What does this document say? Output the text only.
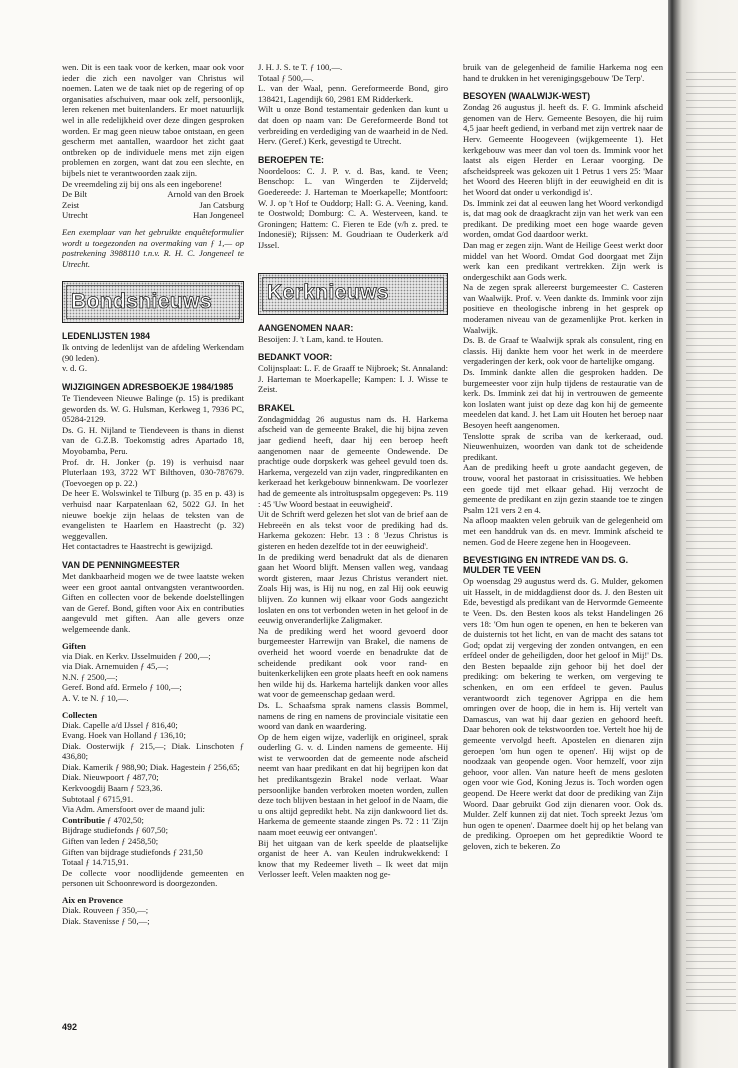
wen. Dit is een taak voor de kerken, maar ook voor ieder die zich een navolger van Christus wil noemen. Laten we de taak niet op de regering of op organisaties afschuiven, maar ook zelf, persoonlijk, leren rekenen met buitenlanders. Er moet natuurlijk wel in alle redelijkheid over deze dingen gesproken worden. Er mag geen nieuw taboe ontstaan, en geen gescherm met aantallen, waardoor het zicht gaat ontbreken op de individuele mens met zijn eigen problemen en zorgen, want dat zou een slechte, en bijbels niet te verantwoorden zaak zijn.

De vreemdeling zij bij ons als een ingeborene!

De Bilt	Arnold van den Broek
Zeist	Jan Catsburg
Utrecht	Han Jongeneel

Een exemplaar van het gebruikte enquêteformulier wordt u toegezonden na overmaking van ƒ 1,— op postrekening 3988110 t.n.v. R. H. C. Jongeneel te Utrecht.

Bondsnieuws
LEDENLIJSTEN 1984

Ik ontving de ledenlijst van de afdeling Werkendam (90 leden).

v. d. G.

WIJZIGINGEN ADRESBOEKJE 1984/1985

Te Tiendeveen Nieuwe Balinge (p. 15) is predikant geworden ds. W. G. Hulsman, Kerkweg 1, 7936 PC, 05284-2129.

Ds. G. H. Nijland te Tiendeveen is thans in dienst van de G.Z.B. Toekomstig adres Apartado 18, Moyobamba, Peru.

Prof. dr. H. Jonker (p. 19) is verhuisd naar Pluterlaan 193, 3722 WT Bilthoven, 030-787679. (Toevoegen op p. 22.)

De heer E. Wolswinkel te Tilburg (p. 35 en p. 43) is verhuisd naar Karpatenlaan 62, 5022 GJ. In het nieuwe boekje zijn helaas de teksten van de evangelisten te Haarlem en Haastrecht (p. 32) weggevallen.

Het contactadres te Haastrecht is gewijzigd.

VAN DE PENNINGMEESTER

Met dankbaarheid mogen we de twee laatste weken weer een groot aantal ontvangsten verantwoorden. Giften en collecten voor de bekende doelstellingen van de Geref. Bond, giften voor Aix en contributies aangevuld met giften. Aan alle gevers onze welgemeende dank.

Giften

via Diak. en Kerkv. IJsselmuiden ƒ 200,—;

via Diak. Arnemuiden ƒ 45,—;

N.N. ƒ 2500,—;

Geref. Bond afd. Ermelo ƒ 100,—;

A. V. te N. ƒ 10,—.

Collecten

Diak. Capelle a/d IJssel ƒ 816,40;

Evang. Hoek van Holland ƒ 136,10;

Diak. Oosterwijk ƒ 215,—; Diak. Linschoten ƒ 436,80;

Diak. Kamerik ƒ 988,90; Diak. Hagestein ƒ 256,65;

Diak. Nieuwpoort ƒ 487,70;

Kerkvoogdij Baarn ƒ 523,36.

Subtotaal ƒ 6715,91.

Via Adm. Amersfoort over de maand juli:

Contributie ƒ 4702,50;

Bijdrage studiefonds ƒ 607,50;

Giften van leden ƒ 2458,50;

Giften van bijdrage studiefonds ƒ 231,50

Totaal ƒ 14.715,91.

De collecte voor noodlijdende gemeenten en personen uit Schoonreword is doorgezonden.

Aix en Provence

Diak. Rouveen ƒ 350,—;

Diak. Stavenisse ƒ 50,—;

492

J. H. J. S. te T. ƒ 100,—.

Totaal ƒ 500,—.

L. van der Waal, penn. Gereformeerde Bond, giro 138421, Lagendijk 60, 2981 EM Ridderkerk.

Wilt u onze Bond testamentair gedenken dan kunt u dat doen op naam van: De Gereformeerde Bond tot verbreiding en verdediging van de waarheid in de Ned. Herv. (Geref.) Kerk, gevestigd te Utrecht.

BEROEPEN TE:

Noordeloos: C. J. P. v. d. Bas, kand. te Veen; Benschop: L. van Wingerden te Zijderveld; Goedereede: J. Harteman te Moerkapelle; Montfoort: W. J. op 't Hof te Ouddorp; Hall: G. A. Veening, kand. te Oostwold; Domburg: C. A. Westerveen, kand. te Groningen; Hattem: C. Fieren te Ede (v/h z. pred. te Indonesië); Rijssen: M. Goudriaan te Ouderkerk a/d IJssel.

Kerknieuws
AANGENOMEN NAAR:

Besoijen: J. 't Lam, kand. te Houten.

BEDANKT VOOR:

Colijnsplaat: L. F. de Graaff te Nijbroek; St. Annaland: J. Harteman te Moerkapelle; Kampen: I. J. Wisse te Zeist.

BRAKEL

Zondagmiddag 26 augustus nam ds. H. Harkema afscheid van de gemeente Brakel, die hij bijna zeven jaar gediend heeft, daar hij een beroep heeft aangenomen naar de gemeente Ondewende. De prachtige oude dorpskerk was geheel gevuld toen ds. Harkema, vergezeld van zijn vader, ringpredikanten en kerkeraad het kerkgebouw binnenkwam. De voorlezer had de gemeente als introïtuspsalm opgegeven: Ps. 119 : 45 'Uw Woord bestaat in eeuwigheid'.

Uit de Schrift werd gelezen het slot van de brief aan de Hebreeën en als tekst voor de prediking had ds. Harkema gekozen: Hebr. 13 : 8 'Jezus Christus is gisteren en heden dezelfde tot in der eeuwigheid'.

In de prediking werd benadrukt dat als de dienaren gaan het Woord blijft. Mensen vallen weg, vandaag wordt gisteren, maar Jezus Christus verandert niet. Zoals Hij was, is Hij nu nog, en zal Hij ook eeuwig blijven. Zo kunnen wij elkaar voor Gods aangezicht loslaten en ons tot verbonden weten in het geloof in de eeuwig onveranderlijke Zaligmaker.

Na de prediking werd het woord gevoerd door burgemeester Harrewijn van Brakel, die namens de overheid het woord voerde en benadrukte dat de scheidende predikant ook voor rand- en buitenkerkelijken een grote plaats heeft en ook namens hen wilde hij ds. Harkema hartelijk danken voor alles wat voor de gemeenschap gedaan werd.

Ds. L. Schaafsma sprak namens classis Bommel, namens de ring en namens de provinciale visitatie een woord van dank en waardering.

Op de hem eigen wijze, vaderlijk en origineel, sprak ouderling G. v. d. Linden namens de gemeente. Hij wist te verwoorden dat de gemeente node afscheid neemt van haar predikant en dat hij begrijpen kon dat het predikantsgezin Brakel node verlaat. Waar persoonlijke banden verbroken moeten worden, zullen deze toch blijven bestaan in het geloof in de Naam, die u ons altijd gepredikt hebt. Na zijn dankwoord liet ds. Harkema de gemeente staande zingen Ps. 72 : 11 'Zijn naam moet eeuwig eer ontvangen'.

Bij het uitgaan van de kerk speelde de plaatselijke organist de heer A. van Keulen indrukwekkend: I know that my Redeemer liveth – Ik weet dat mijn Verlosser leeft. Velen maakten nog ge-

bruik van de gelegenheid de familie Harkema nog een hand te drukken in het verenigingsgebouw 'De Terp'.

BESOYEN (WAALWIJK-WEST)

Zondag 26 augustus jl. heeft ds. F. G. Immink afscheid genomen van de Herv. Gemeente Besoyen, die hij ruim 4,5 jaar heeft gediend, in verband met zijn vertrek naar de Herv. Gemeente Hoogeveen (wijkgemeente 1). Het kerkgebouw was meer dan vol toen ds. Immink voor het laatst als eigen Herder en Leraar voorging. De afscheidspreek was gekozen uit 1 Petrus 1 vers 25: 'Maar het Woord des Heeren blijft in der eeuwigheid en dit is het Woord dat onder u verkondigd is'.

Ds. Immink zei dat al eeuwen lang het Woord verkondigd is, dat mag ook de draagkracht zijn van het werk van een predikant. De prediking moet een hoge waarde geven worden, omdat God daardoor werkt.

Dan mag er zegen zijn. Want de Heilige Geest werkt door middel van het Woord. Omdat God doorgaat met Zijn werk kan een predikant vertrekken. Zijn werk is ondergeschikt aan Gods werk.

Na de zegen sprak allereerst burgemeester C. Casteren van Waalwijk. Prof. v. Veen dankte ds. Immink voor zijn positieve en theologische inbreng in het gesprek op moderamen niveau van de gezamenlijke Prot. kerken in Waalwijk.

Ds. B. de Graaf te Waalwijk sprak als consulent, ring en classis. Hij dankte hem voor het werk in de meerdere vergaderingen der kerk, ook voor de hartelijke omgang.

Ds. Immink dankte allen die gesproken hadden. De burgemeester voor zijn hulp tijdens de restauratie van de kerk. Ds. Immink zei dat hij in vertrouwen de gemeente kon loslaten want juist op deze dag kon hij de gemeente meedelen dat kand. J. het Lam uit Houten het beroep naar Besoyen heeft aangenomen.

Tenslotte sprak de scriba van de kerkeraad, oud. Nieuwenhuizen, woorden van dank tot de scheidende predikant.

Aan de prediking heeft u grote aandacht gegeven, de trouw, vooral het pastoraat in crisissituaties. We hebben een goede tijd met elkaar gehad. Hij verzocht de gemeente de predikant en zijn gezin staande toe te zingen Psalm 121 vers 2 en 4.

Na afloop maakten velen gebruik van de gelegenheid om met een handdruk van ds. en mevr. Immink afscheid te nemen. God de Heere zegene hen in Hoogeveen.

BEVESTIGING EN INTREDE VAN DS. G. MULDER TE VEEN

Op woensdag 29 augustus werd ds. G. Mulder, gekomen uit Hasselt, in de middagdienst door ds. J. den Besten uit Ede, bevestigd als predikant van de Hervormde Gemeente te Veen. Ds. den Besten koos als tekst Handelingen 26 vers 18: 'Om hun ogen te openen, en hen te bekeren van de duisternis tot het licht, en van de macht des satans tot God; opdat zij vergeving der zonden ontvangen, en een erfdeel onder de geheiligden, door het geloof in Mij!' Ds. den Besten bepaalde zijn gehoor bij het doel der prediking: om bekering te werken, om vergeving te schenken, en om een erfdeel te geven. Paulus verantwoordt zich tegenover Agrippa en die hem omringen over de hoop, die in hem is. Hij vertelt van Damascus, van wat hij daar gezien en gehoord heeft. Daar behoren ook de tekstwoorden toe. Vertelt hoe hij de gemeente vervolgd heeft. Apostelen en dienaren zijn geroepen 'om hun ogen te openen'. Hij wijst op de noodzaak van geopende ogen. Voor hemzelf, voor zijn gehoor, voor allen. Van nature heeft de mens gesloten ogen voor wie God, Koning Jezus is. Toch worden ogen geopend. De Heere werkt dat door de prediking van Zijn Woord. Daar gebruikt God zijn dienaren voor. Ook ds. Mulder. Zelf kunnen zij dat niet. Toch spreekt Jezus 'om hun ogen te openen'. Daarmee doelt hij op het belang van de prediking. Oproepen om het geprediktie Woord te geloven, zich te bekeren. Zo
